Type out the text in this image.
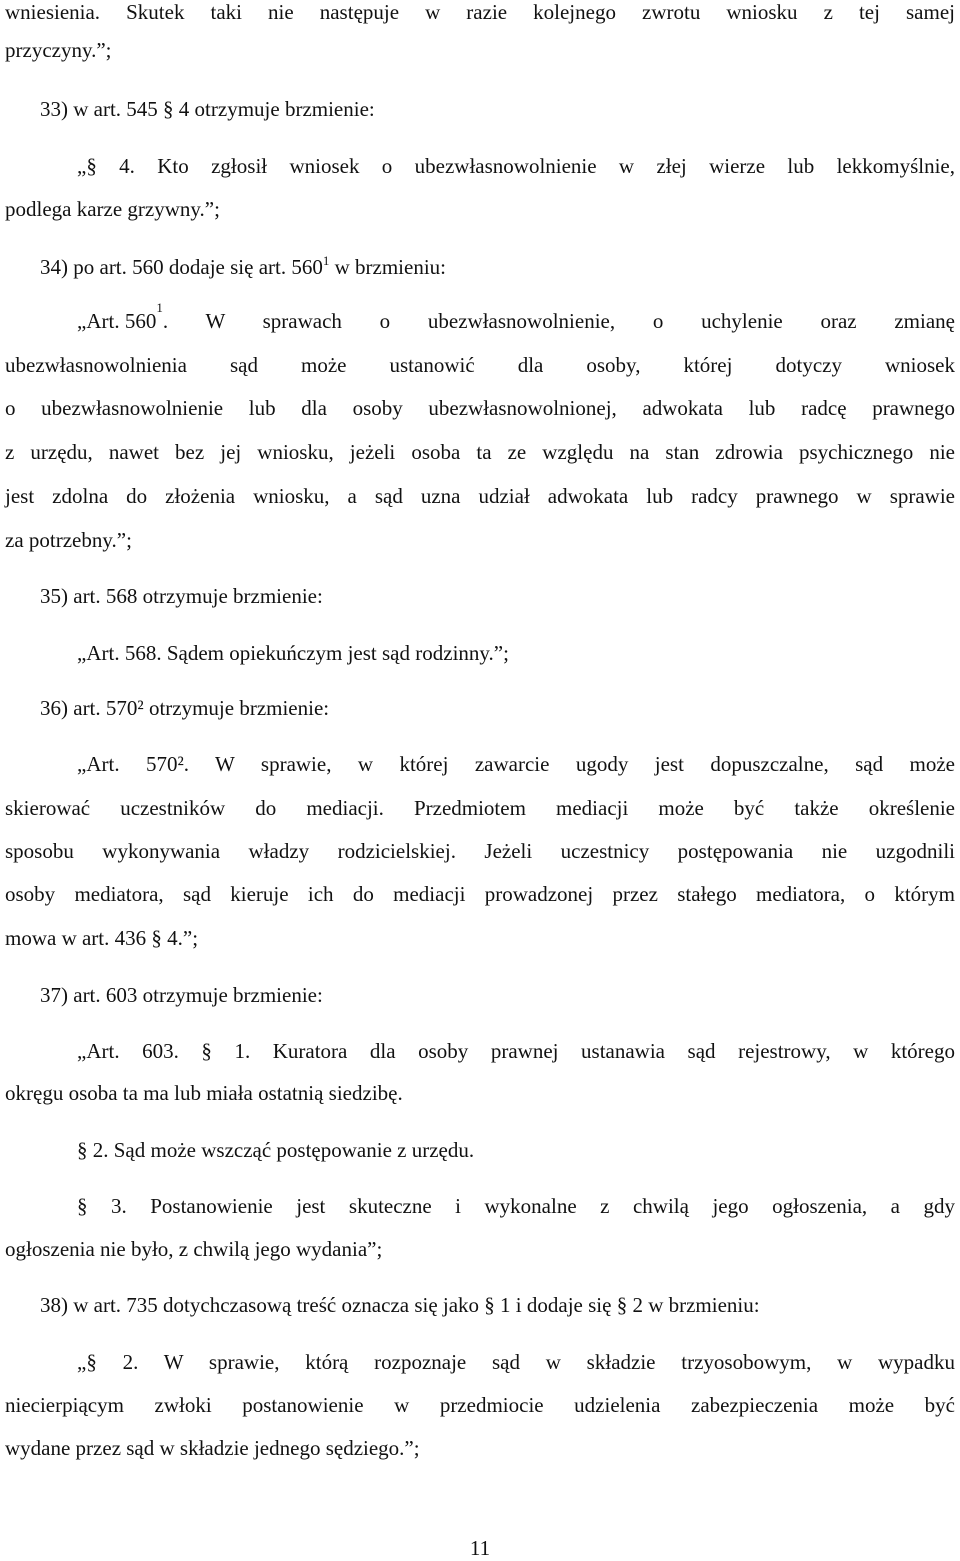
wniesienia. Skutek taki nie następuje w razie kolejnego zwrotu wniosku z tej samej
przyczyny.”;
33) w art. 545 § 4 otrzymuje brzmienie:
„§ 4. Kto zgłosił wniosek o ubezwłasnowolnienie w złej wierze lub lekkomyślnie,
podlega karze grzywny.”;
34) po art. 560 dodaje się art. $560^1$ w brzmieniu:
„Art. 560
1
. W sprawach o ubezwłasnowolnienie, o uchylenie oraz zmianę
ubezwłasnowolnienia sąd może ustanowić dla osoby, której dotyczy wniosek
o ubezwłasnowolnienie lub dla osoby ubezwłasnowolnionej, adwokata lub radcę prawnego
z urzędu, nawet bez jej wniosku, jeżeli osoba ta ze względu na stan zdrowia psychicznego nie
jest zdolna do złożenia wniosku, a sąd uzna udział adwokata lub radcy prawnego w sprawie
za potrzebny.”;
35) art. 568 otrzymuje brzmienie:
„Art. 568. Sądem opiekuńczym jest sąd rodzinny.”;
36) art. 570² otrzymuje brzmienie:
„Art. 570². W sprawie, w której zawarcie ugody jest dopuszczalne, sąd może
skierować uczestników do mediacji. Przedmiotem mediacji może być także określenie
sposobu wykonywania władzy rodzicielskiej. Jeżeli uczestnicy postępowania nie uzgodnili
osoby mediatora, sąd kieruje ich do mediacji prowadzonej przez stałego mediatora, o którym
mowa w art. 436 § 4.”;
37) art. 603 otrzymuje brzmienie:
„Art. 603. § 1. Kuratora dla osoby prawnej ustanawia sąd rejestrowy, w którego
okręgu osoba ta ma lub miała ostatnią siedzibę.
§ 2. Sąd może wszcząć postępowanie z urzędu.
§ 3. Postanowienie jest skuteczne i wykonalne z chwilą jego ogłoszenia, a gdy
ogłoszenia nie było, z chwilą jego wydania”;
38) w art. 735 dotychczasową treść oznacza się jako § 1 i dodaje się § 2 w brzmieniu:
„§ 2. W sprawie, którą rozpoznaje sąd w składzie trzyosobowym, w wypadku
niecierpiącym zwłoki postanowienie w przedmiocie udzielenia zabezpieczenia może być
wydane przez sąd w składzie jednego sędziego.”;
11
